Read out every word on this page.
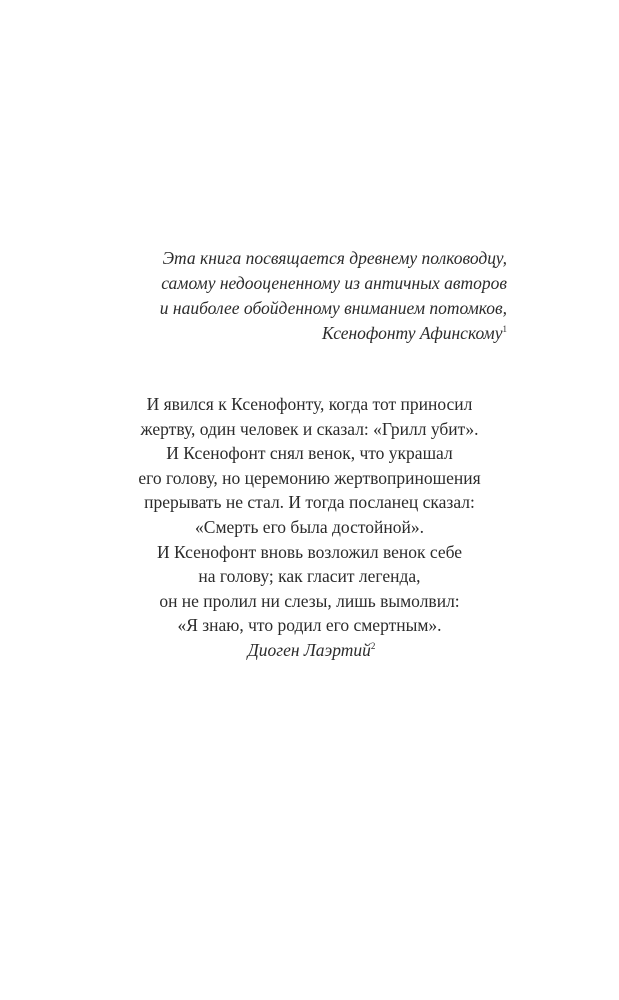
Эта книга посвящается древнему полководцу,
самому недооцененному из античных авторов
и наиболее обойденному вниманием потомков,
Ксенофонту Афинскому$^1$
И явился к Ксенофонту, когда тот приносил
жертву, один человек и сказал: «Грилл убит».
И Ксенофонт снял венок, что украшал
его голову, но церемонию жертвоприношения
прерывать не стал. И тогда посланец сказал:
«Смерть его была достойной».
И Ксенофонт вновь возложил венок себе
на голову; как гласит легенда,
он не пролил ни слезы, лишь вымолвил:
«Я знаю, что родил его смертным».
Диоген Лаэртий$^2$
